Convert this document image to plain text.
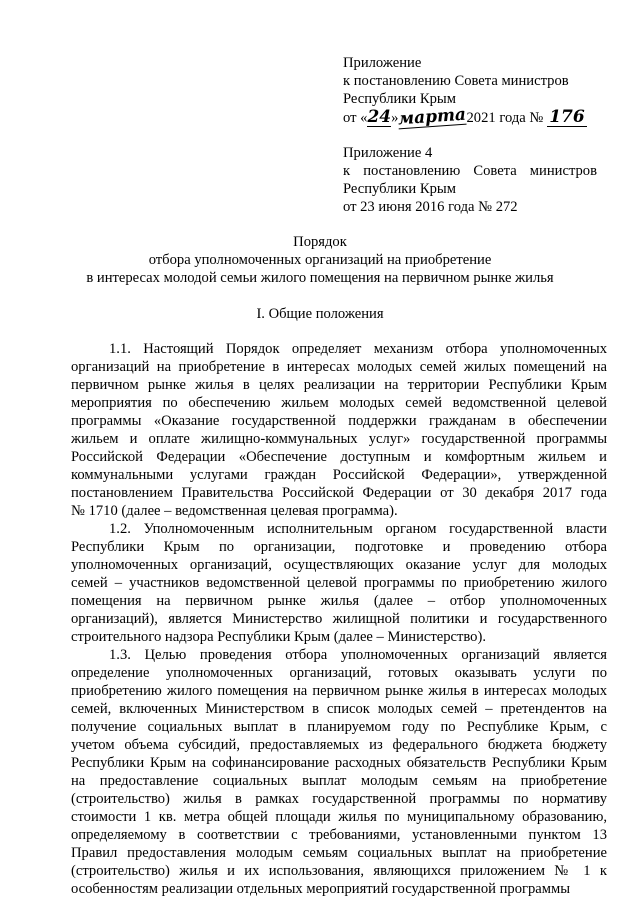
Приложение
к постановлению Совета министров
Республики Крым
от «24»марта2021 года № 176
Приложение 4
к постановлению Совета министров
Республики Крым
от 23 июня 2016 года № 272
Порядок
отбора уполномоченных организаций на приобретение
в интересах молодой семьи жилого помещения на первичном рынке жилья
I. Общие положения
1.1. Настоящий Порядок определяет механизм отбора уполномоченных
организаций на приобретение в интересах молодых семей жилых помещений на
первичном рынке жилья в целях реализации на территории Республики Крым
мероприятия по обеспечению жильем молодых семей ведомственной целевой
программы «Оказание государственной поддержки гражданам в обеспечении
жильем и оплате жилищно-коммунальных услуг» государственной программы
Российской Федерации «Обеспечение доступным и комфортным жильем и
коммунальными услугами граждан Российской Федерации», утвержденной
постановлением Правительства Российской Федерации от 30 декабря 2017 года
№ 1710 (далее – ведомственная целевая программа).
1.2. Уполномоченным исполнительным органом государственной власти
Республики Крым по организации, подготовке и проведению отбора
уполномоченных организаций, осуществляющих оказание услуг для молодых
семей – участников ведомственной целевой программы по приобретению жилого
помещения на первичном рынке жилья (далее – отбор уполномоченных
организаций), является Министерство жилищной политики и государственного
строительного надзора Республики Крым (далее – Министерство).
1.3. Целью проведения отбора уполномоченных организаций является
определение уполномоченных организаций, готовых оказывать услуги по
приобретению жилого помещения на первичном рынке жилья в интересах молодых
семей, включенных Министерством в список молодых семей – претендентов на
получение социальных выплат в планируемом году по Республике Крым, с
учетом объема субсидий, предоставляемых из федерального бюджета бюджету
Республики Крым на софинансирование расходных обязательств Республики Крым
на предоставление социальных выплат молодым семьям на приобретение
(строительство) жилья в рамках государственной программы по нормативу
стоимости 1 кв. метра общей площади жилья по муниципальному образованию,
определяемому в соответствии с требованиями, установленными пунктом 13
Правил предоставления молодым семьям социальных выплат на приобретение
(строительство) жилья и их использования, являющихся приложением № 1 к
особенностям реализации отдельных мероприятий государственной программы
